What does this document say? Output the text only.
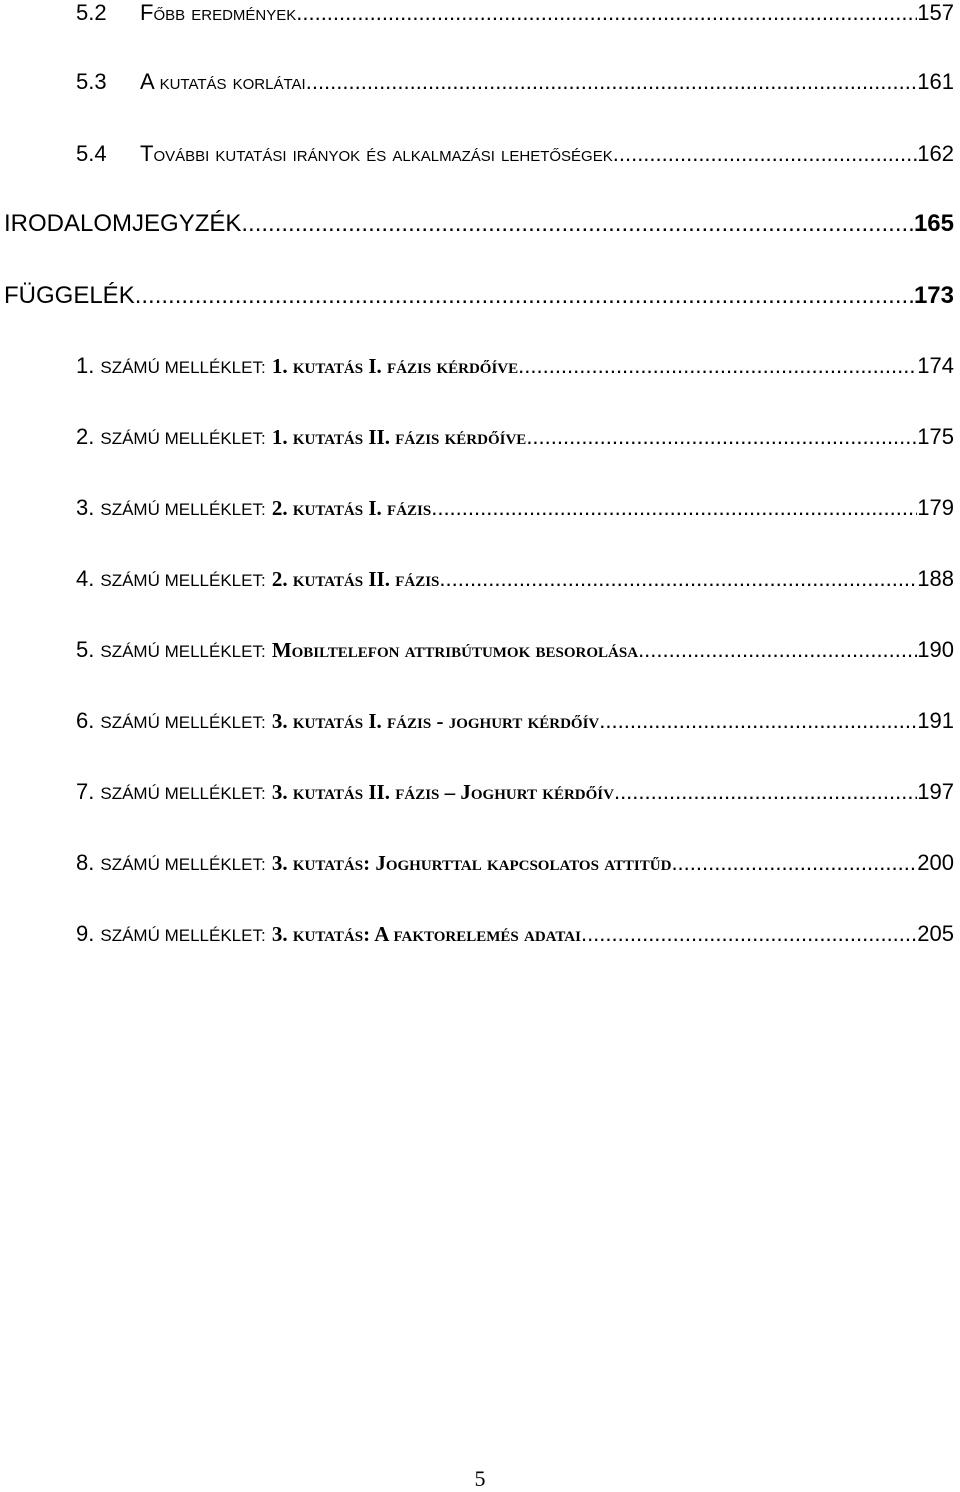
5.2 Főbb eredmények .....	157
5.3 A kutatás korlátai .....	161
5.4 További kutatási irányok és alkalmazási lehetőségek .....	162
IRODALOMJEGYZÉK .....	165
FÜGGELÉK .....	173
1. SZÁMÚ MELLÉKLET: 1. kutatás I. fázis kérdőíve .....	174
2. SZÁMÚ MELLÉKLET: 1. kutatás II. fázis kérdőíve .....	175
3. SZÁMÚ MELLÉKLET: 2. kutatás I. fázis .....	179
4. SZÁMÚ MELLÉKLET: 2. kutatás II. fázis .....	188
5. SZÁMÚ MELLÉKLET: Mobiltelefon attribútumok besorolása .....	190
6. SZÁMÚ MELLÉKLET: 3. kutatás I. fázis - joghurt kérdőív .....	191
7. SZÁMÚ MELLÉKLET: 3. kutatás II. fázis – Joghurt kérdőív .....	197
8. SZÁMÚ MELLÉKLET: 3. kutatás: Joghurttal kapcsolatos attitűd .....	200
9. SZÁMÚ MELLÉKLET: 3. kutatás: A faktorelemés adatai .....	205
5
